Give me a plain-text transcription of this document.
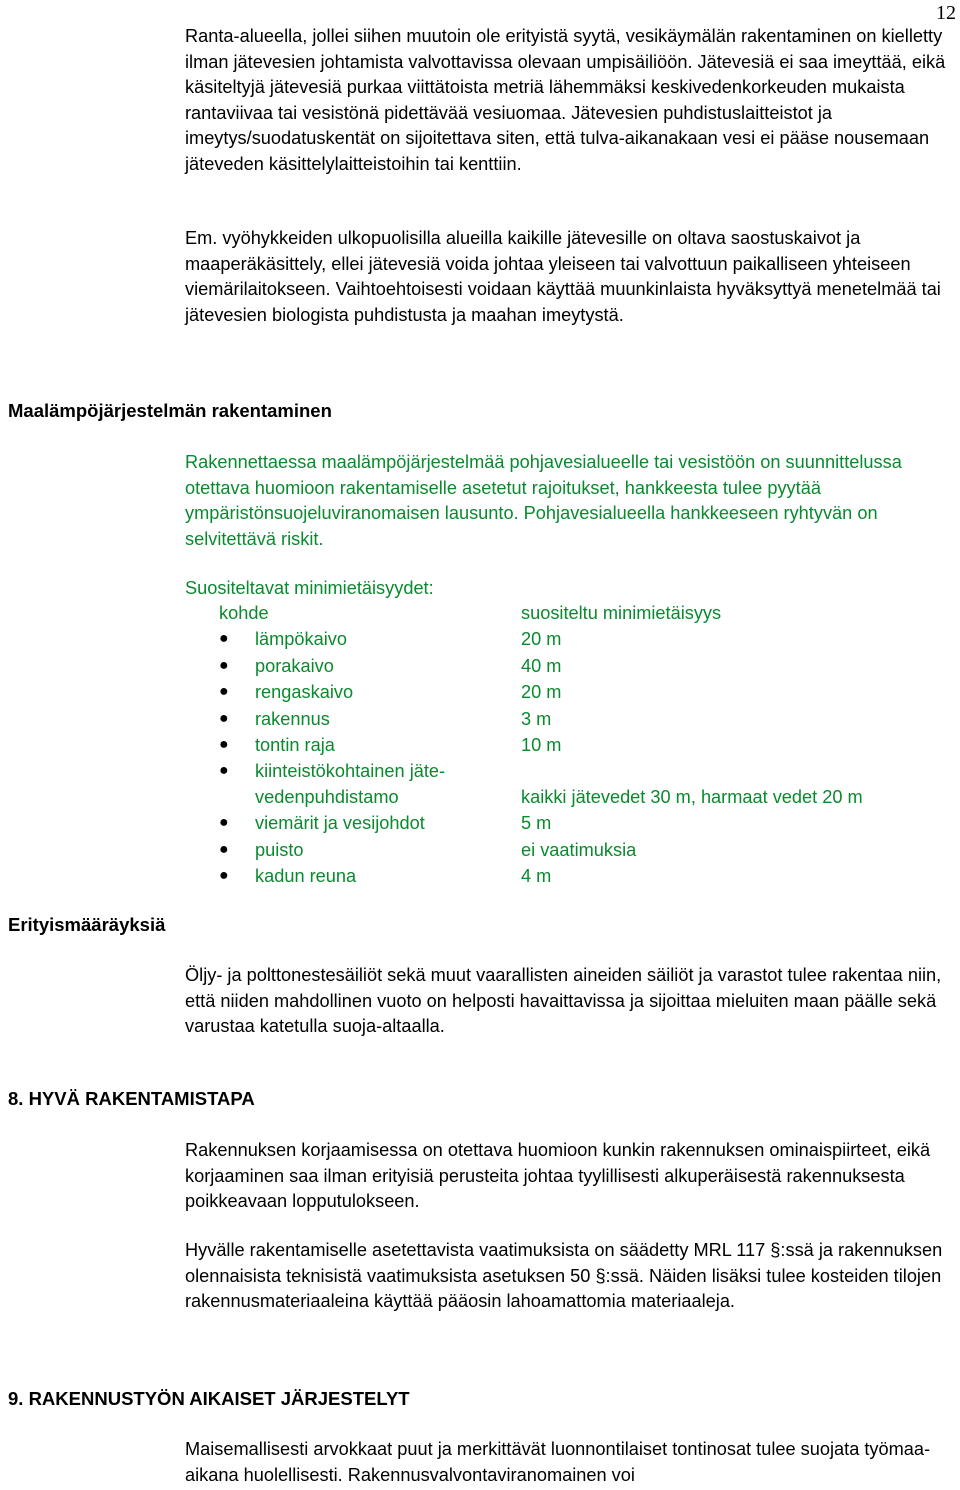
12

Ranta-alueella, jollei siihen muutoin ole erityistä syytä, vesikäymälän rakentaminen on kielletty ilman jätevesien johtamista valvottavissa olevaan umpisäiliöön. Jätevesiä ei saa imeyttää, eikä käsiteltyjä jätevesiä purkaa viittätoista metriä lähemmäksi keskivedenkorkeuden mukaista rantaviivaa tai vesistönä pidettävää vesiuomaa. Jätevesien puhdistuslaitteistot ja imeytys/suodatuskentät on sijoitettava siten, että tulva-aikanakaan vesi ei pääse nousemaan jäteveden käsittelylaitteistoihin tai kenttiin.

Em. vyöhykkeiden ulkopuolisilla alueilla kaikille jätevesille on oltava saostuskaivot ja maaperäkäsittely, ellei jätevesiä voida johtaa yleiseen tai valvottuun paikalliseen yhteiseen viemärilaitokseen. Vaihtoehtoisesti voidaan käyttää muunkinlaista hyväksyttyä menetelmää tai jätevesien biologista puhdistusta ja maahan imeytystä.

Maalämpöjärjestelmän rakentaminen

Rakennettaessa maalämpöjärjestelmää pohjavesialueelle tai vesistöön on suunnittelussa otettava huomioon rakentamiselle asetetut rajoitukset, hankkeesta tulee pyytää ympäristönsuojeluviranomaisen lausunto. Pohjavesialueella hankkeeseen ryhtyvän on selvitettävä riskit.

Suositeltavat minimietäisyydet:
kohde	suositeltu minimietäisyys
● lämpökaivo	20 m
● porakaivo	40 m
● rengaskaivo	20 m
● rakennus	3 m
● tontin raja	10 m
● kiinteistökohtainen jäte-
vedenpuhdistamo	kaikki jätevedet 30 m, harmaat vedet 20 m
● viemärit ja vesijohdot	5 m
● puisto	ei vaatimuksia
● kadun reuna	4 m
Erityismääräyksiä

Öljy- ja polttonestesäiliöt sekä muut vaarallisten aineiden säiliöt ja varastot tulee rakentaa niin, että niiden mahdollinen vuoto on helposti havaittavissa ja sijoittaa mieluiten maan päälle sekä varustaa katetulla suoja-altaalla.

8. HYVÄ RAKENTAMISTAPA

Rakennuksen korjaamisessa on otettava huomioon kunkin rakennuksen ominaispiirteet, eikä korjaaminen saa ilman erityisiä perusteita johtaa tyylillisesti alkuperäisestä rakennuksesta poikkeavaan lopputulokseen.

Hyvälle rakentamiselle asetettavista vaatimuksista on säädetty MRL 117 §:ssä ja rakennuksen olennaisista teknisistä vaatimuksista asetuksen 50 §:ssä. Näiden lisäksi tulee kosteiden tilojen rakennusmateriaaleina käyttää pääosin lahoamattomia materiaaleja.

9. RAKENNUSTYÖN AIKAISET JÄRJESTELYT

Maisemallisesti arvokkaat puut ja merkittävät luonnontilaiset tontinosat tulee suojata työmaa-aikana huolellisesti. Rakennusvalvontaviranomainen voi
